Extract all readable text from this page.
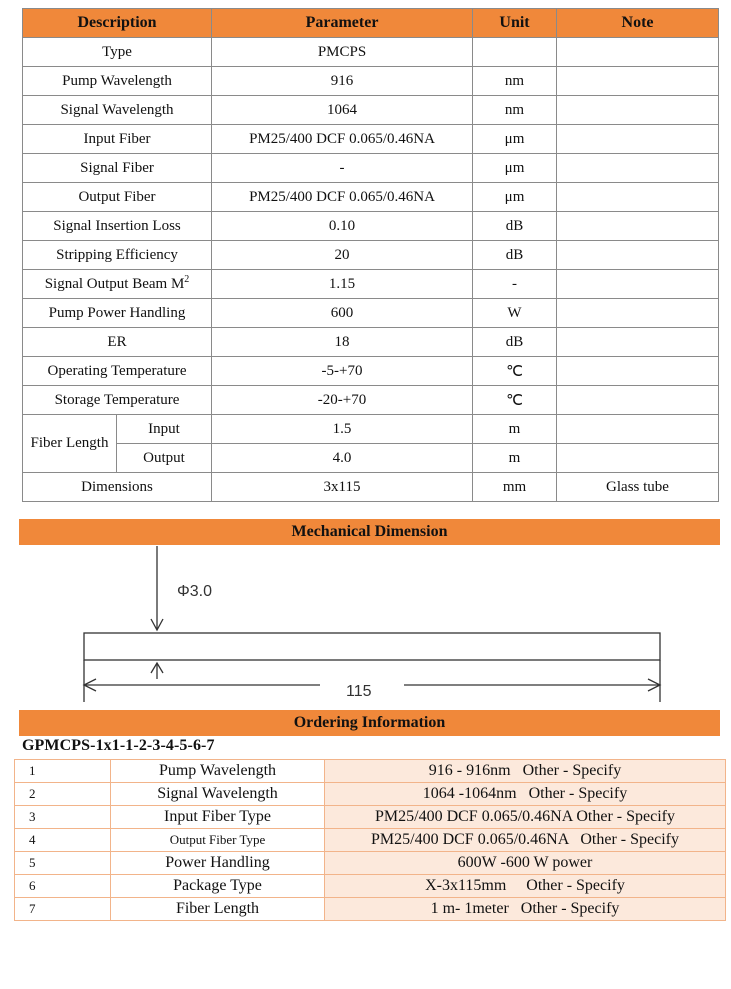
Description		Parameter	Unit	Note
Type		PMCPS		
Pump Wavelength		916	nm	
Signal Wavelength		1064	nm	
Input Fiber		PM25/400 DCF 0.065/0.46NA	μm	
Signal Fiber		-	μm	
Output Fiber		PM25/400 DCF 0.065/0.46NA	μm	
Signal Insertion Loss		0.10	dB	
Stripping Efficiency		20	dB	
Signal Output Beam $M^2$		1.15	-	
Pump Power Handling		600	W	
ER		18	dB	
Operating Temperature		-5-+70	℃	
Storage Temperature		-20-+70	℃	
Fiber Length	Input	1.5	m	
	Output	4.0	m	
Dimensions		3x115	mm	Glass tube
Mechanical Dimension
Φ3.0
115
Ordering Information
GPMCPS-1x1-1-2-3-4-5-6-7
1	Pump Wavelength	916 - 916nm   Other - Specify
2	Signal Wavelength	1064 -1064nm   Other - Specify
3	Input Fiber Type	PM25/400 DCF 0.065/0.46NA Other - Specify
4	Output Fiber Type	PM25/400 DCF 0.065/0.46NA   Other - Specify
5	Power Handling	600W -600 W power
6	Package Type	X-3x115mm     Other - Specify
7	Fiber Length	1 m- 1meter   Other - Specify
